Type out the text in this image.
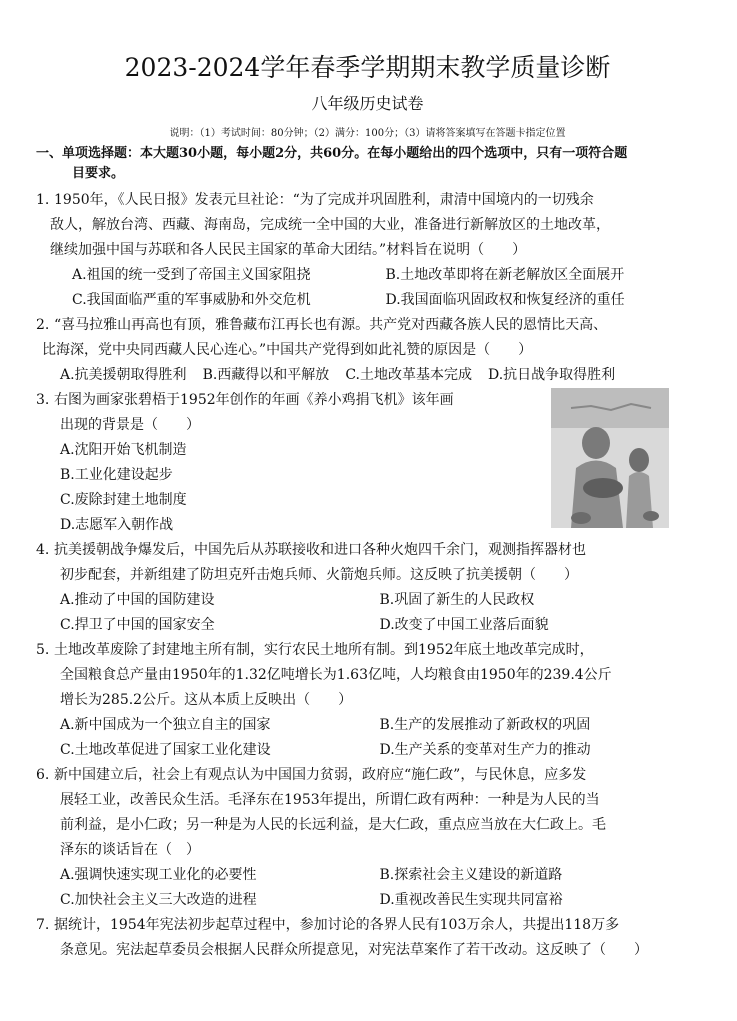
2023-2024学年春季学期期末教学质量诊断
八年级历史试卷
说明：（1）考试时间：80分钟；（2）满分：100分；（3）请将答案填写在答题卡指定位置
一、单项选择题：本大题30小题，每小题2分，共60分。在每小题给出的四个选项中，只有一项符合题
目要求。
1. 1950年，《人民日报》发表元旦社论：“为了完成并巩固胜利，肃清中国境内的一切残余
敌人，解放台湾、西藏、海南岛，完成统一全中国的大业，准备进行新解放区的土地改革，
继续加强中国与苏联和各人民民主国家的革命大团结。”材料旨在说明（　　）
A.祖国的统一受到了帝国主义国家阻挠	B.土地改革即将在新老解放区全面展开
C.我国面临严重的军事威胁和外交危机	D.我国面临巩固政权和恢复经济的重任
2. “喜马拉雅山再高也有顶，雅鲁藏布江再长也有源。共产党对西藏各族人民的恩情比天高、
比海深，党中央同西藏人民心连心。”中国共产党得到如此礼赞的原因是（　　）
A.抗美援朝取得胜利 B.西藏得以和平解放 C.土地改革基本完成 D.抗日战争取得胜利
3. 右图为画家张碧梧于1952年创作的年画《养小鸡捐飞机》该年画
出现的背景是（　　）
A.沈阳开始飞机制造
B.工业化建设起步
C.废除封建土地制度
D.志愿军入朝作战
4. 抗美援朝战争爆发后，中国先后从苏联接收和进口各种火炮四千余门，观测指挥器材也
初步配套，并新组建了防坦克歼击炮兵师、火箭炮兵师。这反映了抗美援朝（　　）
A.推动了中国的国防建设	B.巩固了新生的人民政权
C.捍卫了中国的国家安全	D.改变了中国工业落后面貌
5. 土地改革废除了封建地主所有制，实行农民土地所有制。到1952年底土地改革完成时，
全国粮食总产量由1950年的1.32亿吨增长为1.63亿吨，人均粮食由1950年的239.4公斤
增长为285.2公斤。这从本质上反映出（　　）
A.新中国成为一个独立自主的国家	B.生产的发展推动了新政权的巩固
C.土地改革促进了国家工业化建设	D.生产关系的变革对生产力的推动
6. 新中国建立后，社会上有观点认为中国国力贫弱，政府应“施仁政”，与民休息，应多发
展轻工业，改善民众生活。毛泽东在1953年提出，所谓仁政有两种：一种是为人民的当
前利益，是小仁政；另一种是为人民的长远利益，是大仁政，重点应当放在大仁政上。毛
泽东的谈话旨在（　）
A.强调快速实现工业化的必要性	B.探索社会主义建设的新道路
C.加快社会主义三大改造的进程	D.重视改善民生实现共同富裕
7. 据统计，1954年宪法初步起草过程中，参加讨论的各界人民有103万余人，共提出118万多
条意见。宪法起草委员会根据人民群众所提意见，对宪法草案作了若干改动。这反映了（　　）
